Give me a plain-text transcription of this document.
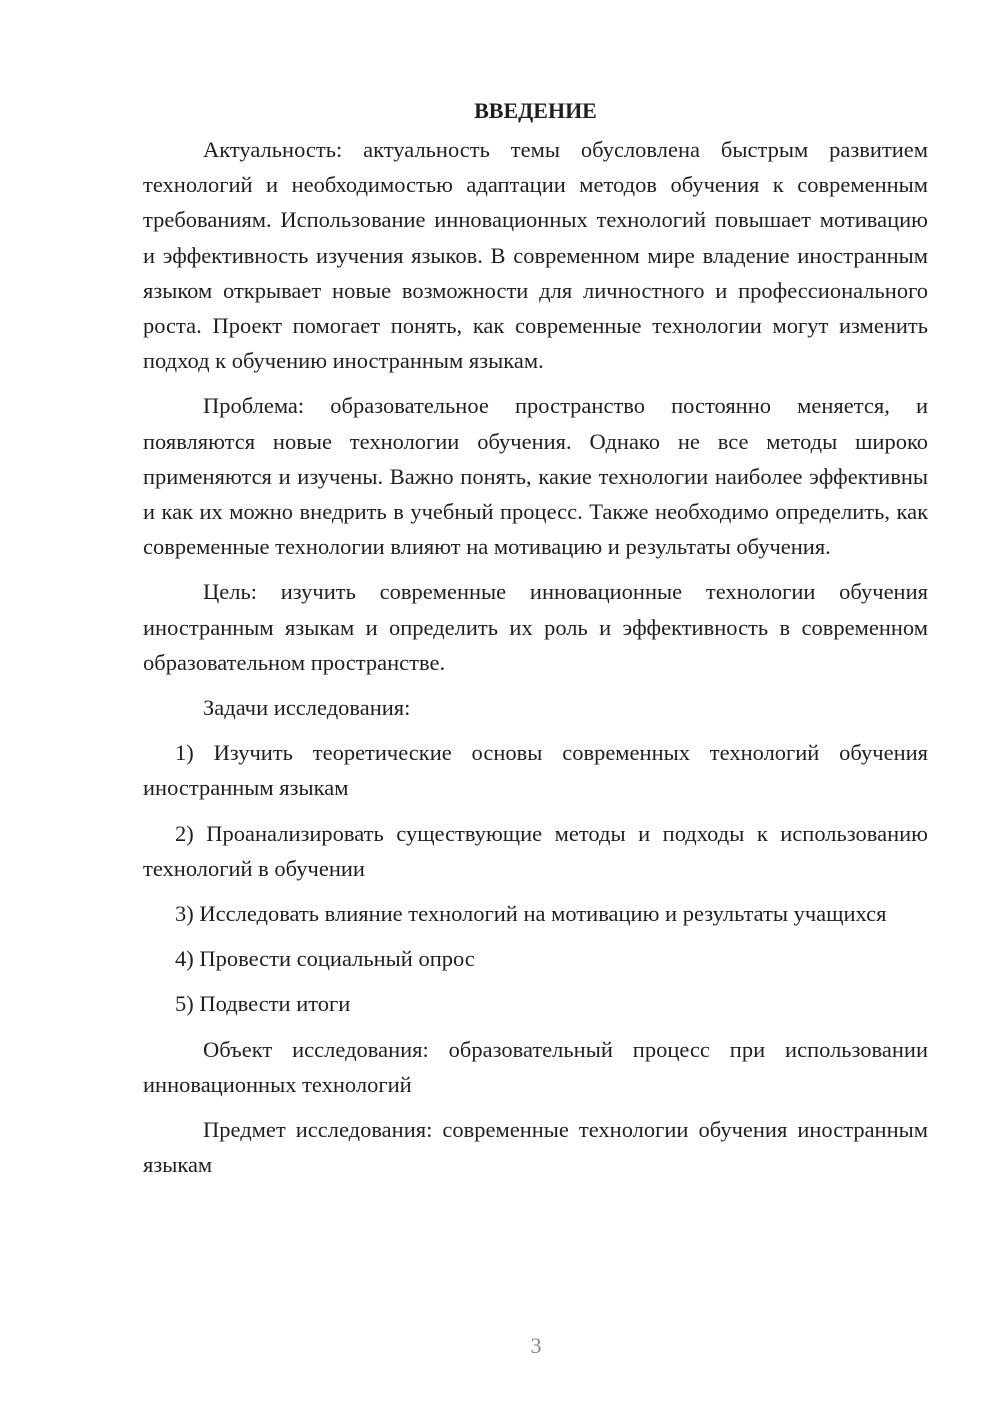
ВВЕДЕНИЕ

Актуальность: актуальность темы обусловлена быстрым развитием технологий и необходимостью адаптации методов обучения к современным требованиям. Использование инновационных технологий повышает мотивацию и эффективность изучения языков. В современном мире владение иностранным языком открывает новые возможности для личностного и профессионального роста. Проект помогает понять, как современные технологии могут изменить подход к обучению иностранным языкам.

Проблема: образовательное пространство постоянно меняется, и появляются новые технологии обучения. Однако не все методы широко применяются и изучены. Важно понять, какие технологии наиболее эффективны и как их можно внедрить в учебный процесс. Также необходимо определить, как современные технологии влияют на мотивацию и результаты обучения.

Цель: изучить современные инновационные технологии обучения иностранным языкам и определить их роль и эффективность в современном образовательном пространстве.

Задачи исследования:

1) Изучить теоретические основы современных технологий обучения иностранным языкам

2) Проанализировать существующие методы и подходы к использованию технологий в обучении

3) Исследовать влияние технологий на мотивацию и результаты учащихся

4) Провести социальный опрос

5) Подвести итоги

Объект исследования: образовательный процесс при использовании инновационных технологий

Предмет исследования: современные технологии обучения иностранным языкам

3
